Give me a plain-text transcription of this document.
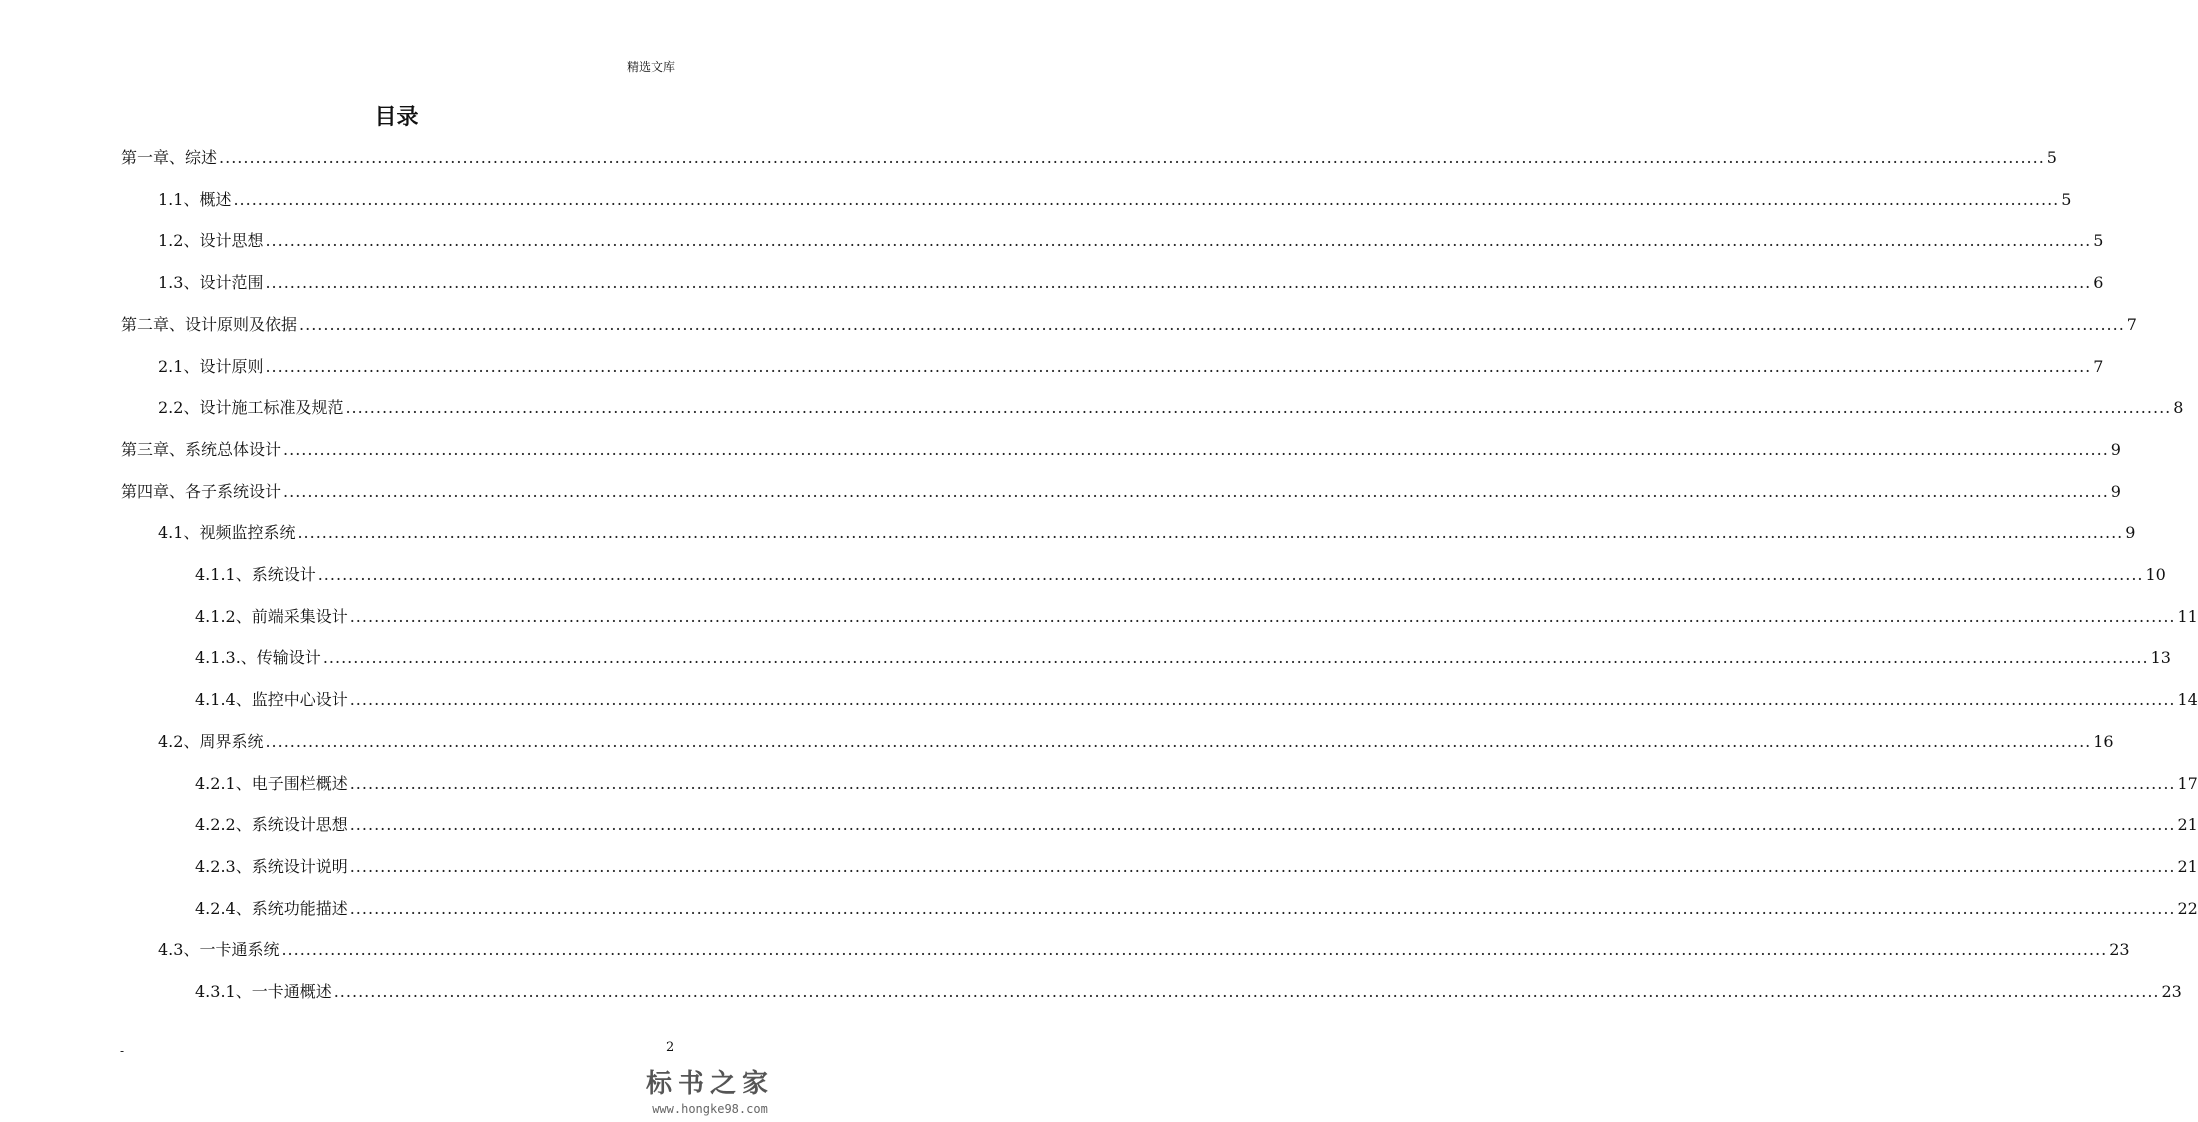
精选文库
目录
第一章、综述 ............................................................................................................................................................................................................................................................................................................ 5
1.1、概述 ............................................................................................................................................................................................................................................................................................................ 5
1.2、设计思想 ............................................................................................................................................................................................................................................................................................................ 5
1.3、设计范围 ............................................................................................................................................................................................................................................................................................................ 6
第二章、设计原则及依据 ............................................................................................................................................................................................................................................................................................................ 7
2.1、设计原则 ............................................................................................................................................................................................................................................................................................................ 7
2.2、设计施工标准及规范 ............................................................................................................................................................................................................................................................................................................ 8
第三章、系统总体设计 ............................................................................................................................................................................................................................................................................................................ 9
第四章、各子系统设计 ............................................................................................................................................................................................................................................................................................................ 9
4.1、视频监控系统 ............................................................................................................................................................................................................................................................................................................ 9
4.1.1、系统设计 ............................................................................................................................................................................................................................................................................................................ 10
4.1.2、前端采集设计 ............................................................................................................................................................................................................................................................................................................ 11
4.1.3.、传输设计 ............................................................................................................................................................................................................................................................................................................ 13
4.1.4、监控中心设计 ............................................................................................................................................................................................................................................................................................................ 14
4.2、周界系统 ............................................................................................................................................................................................................................................................................................................ 16
4.2.1、电子围栏概述 ............................................................................................................................................................................................................................................................................................................ 17
4.2.2、系统设计思想 ............................................................................................................................................................................................................................................................................................................ 21
4.2.3、系统设计说明 ............................................................................................................................................................................................................................................................................................................ 21
4.2.4、系统功能描述 ............................................................................................................................................................................................................................................................................................................ 22
4.3、一卡通系统 ............................................................................................................................................................................................................................................................................................................ 23
4.3.1、一卡通概述 ............................................................................................................................................................................................................................................................................................................ 23
-	2
标书之家
www.hongke98.com
